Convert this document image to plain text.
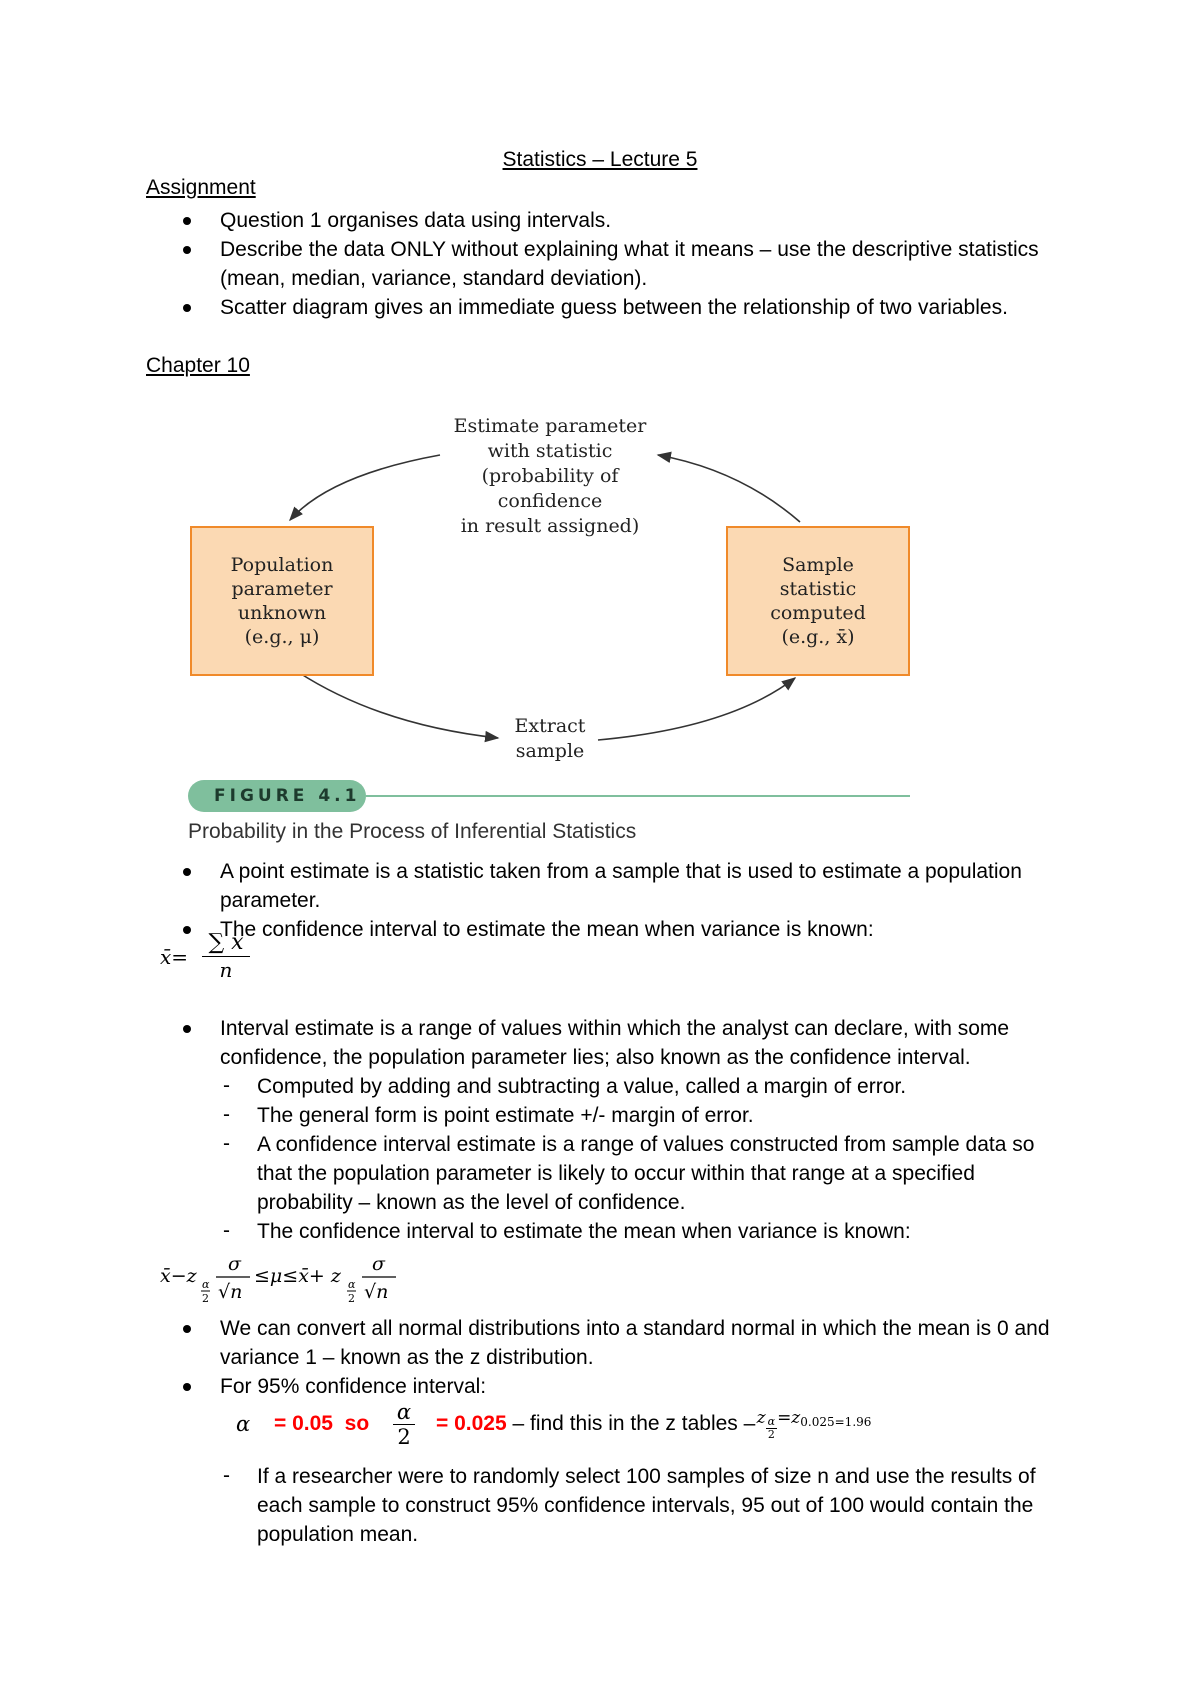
Statistics – Lecture 5
Assignment
Question 1 organises data using intervals.
Describe the data ONLY without explaining what it means – use the descriptive statistics (mean, median, variance, standard deviation).
Scatter diagram gives an immediate guess between the relationship of two variables.
Chapter 10
Estimate parameter
with statistic
(probability of confidence
in result assigned)
Population
parameter
unknown
(e.g., μ)
Sample
statistic
computed
(e.g., x̄)
Extract
sample
FIGURE 4.1
Probability in the Process of Inferential Statistics
A point estimate is a statistic taken from a sample that is used to estimate a population parameter.
The confidence interval to estimate the mean when variance is known:
x̄= $\frac{\sum x}{n}$
Interval estimate is a range of values within which the analyst can declare, with some confidence, the population parameter lies; also known as the confidence interval.
- Computed by adding and subtracting a value, called a margin of error.
- The general form is point estimate +/- margin of error.
- A confidence interval estimate is a range of values constructed from sample data so that the population parameter is likely to occur within that range at a specified probability – known as the level of confidence.
- The confidence interval to estimate the mean when variance is known:
x̄−z α
2
σ
√n
≤μ≤x̄+ z α
2
σ
√n
We can convert all normal distributions into a standard normal in which the mean is 0 and variance 1 – known as the z distribution.
For 95% confidence interval:
α	= 0.05  so $\frac{\alpha}{2} = 0.025$ – find this in the z tables – z $\frac{\alpha}{2} =z$ 0.025 =1.96
- If a researcher were to randomly select 100 samples of size n and use the results of each sample to construct 95% confidence intervals, 95 out of 100 would contain the population mean.
